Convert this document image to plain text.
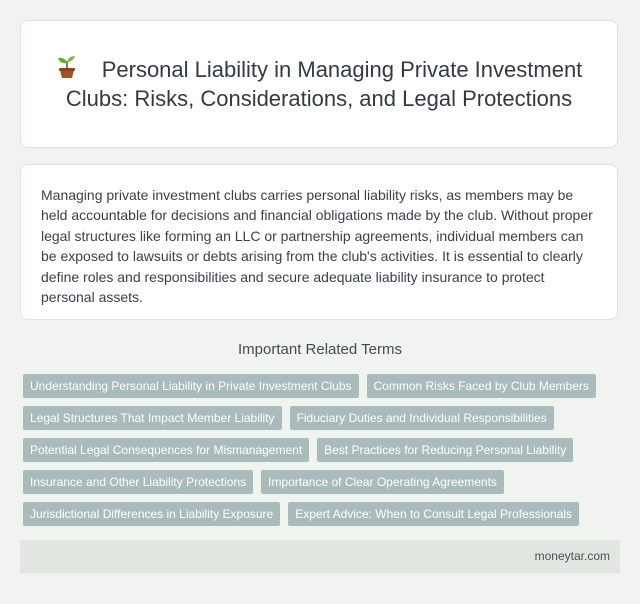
Personal Liability in Managing Private Investment Clubs: Risks, Considerations, and Legal Protections

Managing private investment clubs carries personal liability risks, as members may be held accountable for decisions and financial obligations made by the club. Without proper legal structures like forming an LLC or partnership agreements, individual members can be exposed to lawsuits or debts arising from the club's activities. It is essential to clearly define roles and responsibilities and secure adequate liability insurance to protect personal assets.

Important Related Terms
Understanding Personal Liability in Private Investment Clubs	Common Risks Faced by Club Members
Legal Structures That Impact Member Liability	Fiduciary Duties and Individual Responsibilities
Potential Legal Consequences for Mismanagement	Best Practices for Reducing Personal Liability
Insurance and Other Liability Protections	Importance of Clear Operating Agreements
Jurisdictional Differences in Liability Exposure	Expert Advice: When to Consult Legal Professionals
moneytar.com
